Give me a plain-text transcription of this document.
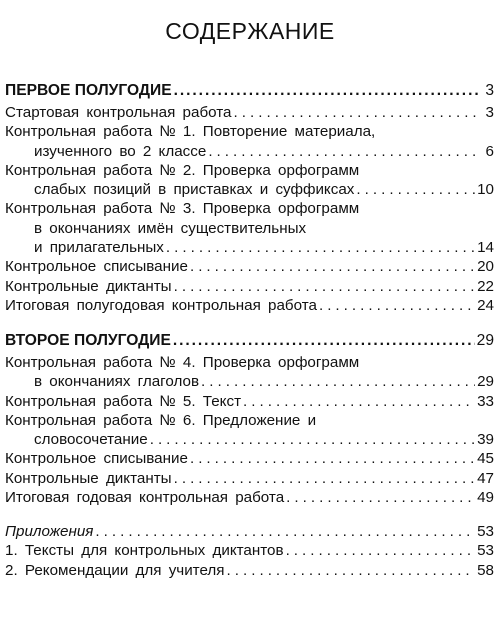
СОДЕРЖАНИЕ
ПЕРВОЕ ПОЛУГОДИЕ . . .	3
Стартовая контрольная работа . . .	3
Контрольная работа № 1. Повторение материала,
изученного во 2 классе . . .	6
Контрольная работа № 2. Проверка орфограмм
слабых позиций в приставках и суффиксах . . .	10
Контрольная работа № 3. Проверка орфограмм
в окончаниях имён существительных
и прилагательных . . .	14
Контрольное списывание . . .	20
Контрольные диктанты . . .	22
Итоговая полугодовая контрольная работа . . .	24
ВТОРОЕ ПОЛУГОДИЕ . . .	29
Контрольная работа № 4. Проверка орфограмм
в окончаниях глаголов . . .	29
Контрольная работа № 5. Текст . . .	33
Контрольная работа № 6. Предложение и
словосочетание . . .	39
Контрольное списывание . . .	45
Контрольные диктанты . . .	47
Итоговая годовая контрольная работа . . .	49
Приложения . . .	53
1. Тексты для контрольных диктантов . . .	53
2. Рекомендации для учителя . . .	58
